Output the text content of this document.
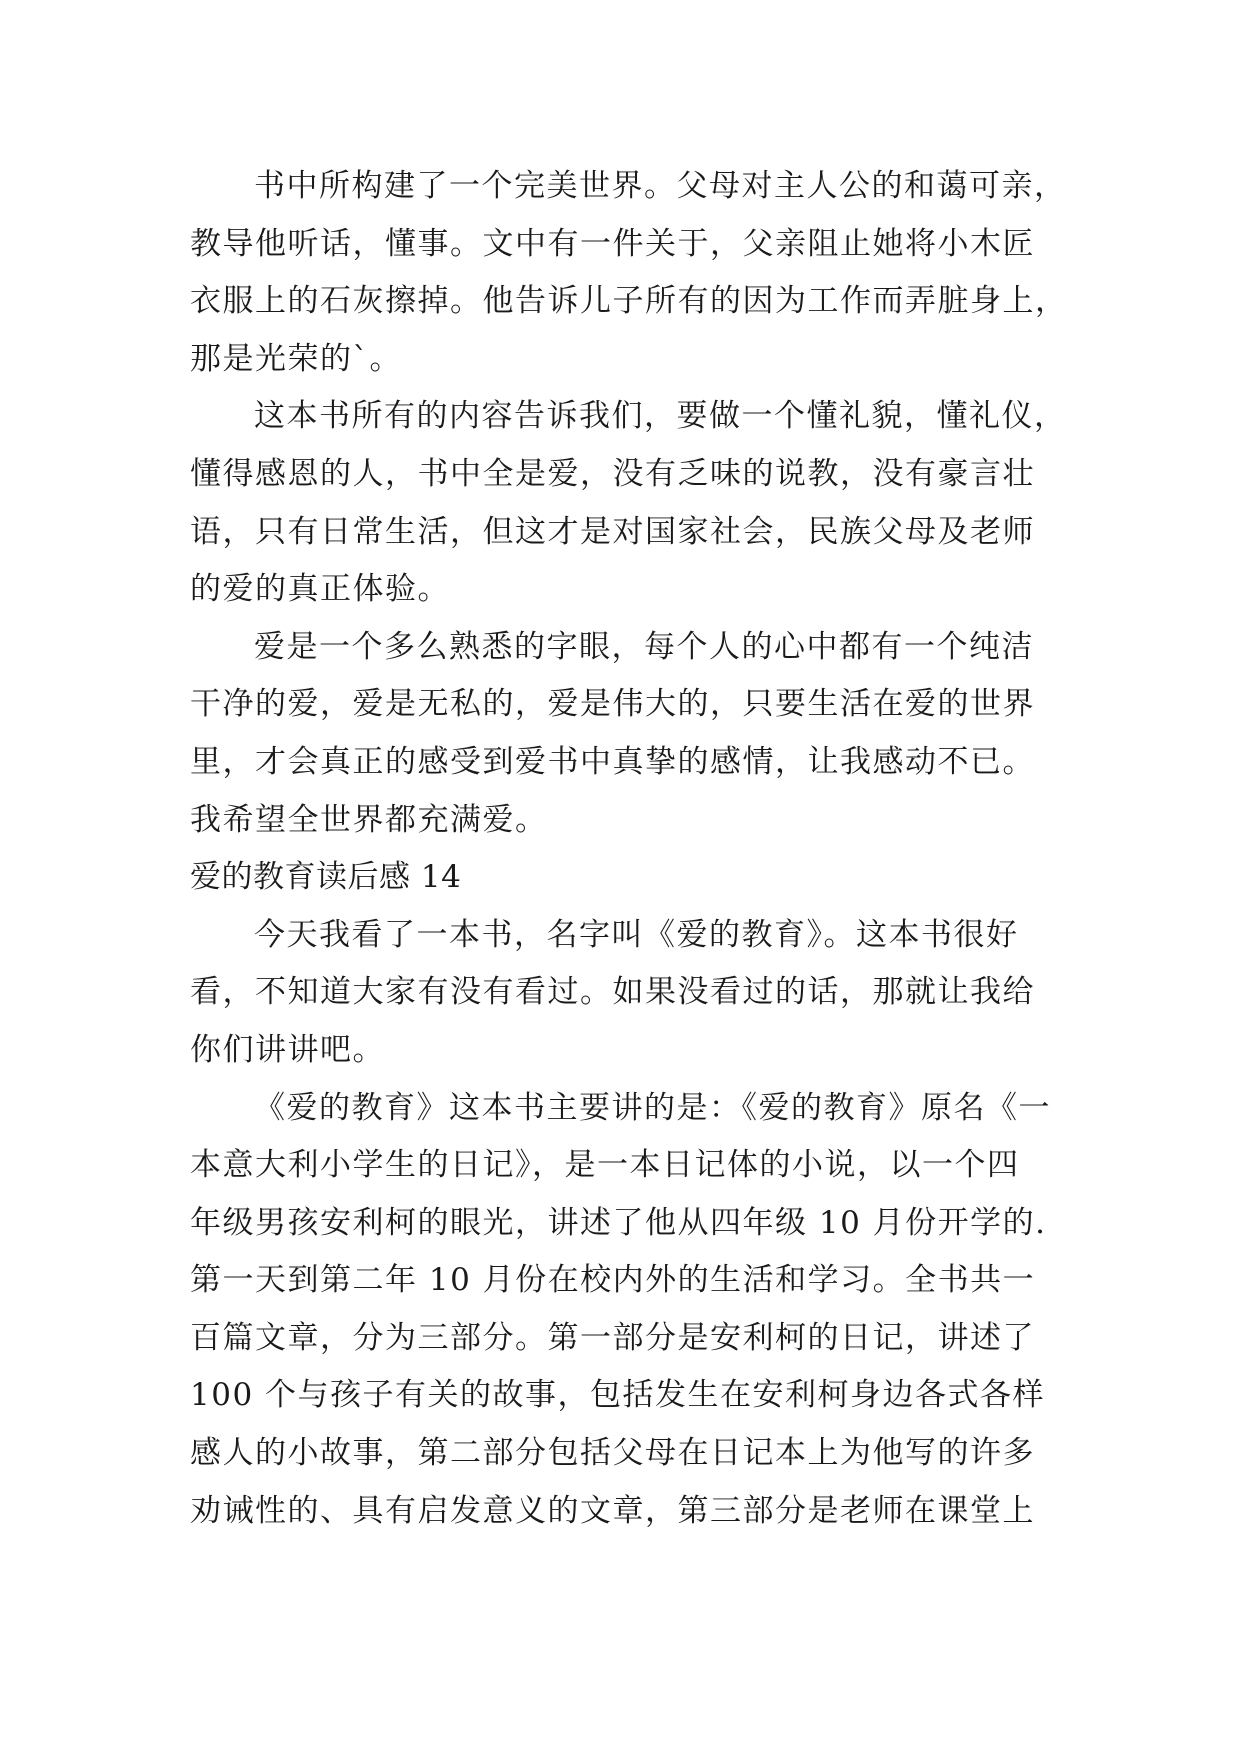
书中所构建了一个完美世界。父母对主人公的和蔼可亲，
教导他听话，懂事。文中有一件关于，父亲阻止她将小木匠
衣服上的石灰擦掉。他告诉儿子所有的因为工作而弄脏身上，
那是光荣的`。
这本书所有的内容告诉我们，要做一个懂礼貌，懂礼仪，
懂得感恩的人，书中全是爱，没有乏味的说教，没有豪言壮
语，只有日常生活，但这才是对国家社会，民族父母及老师
的爱的真正体验。
爱是一个多么熟悉的字眼，每个人的心中都有一个纯洁
干净的爱，爱是无私的，爱是伟大的，只要生活在爱的世界
里，才会真正的感受到爱书中真挚的感情，让我感动不已。
我希望全世界都充满爱。
爱的教育读后感 14
今天我看了一本书，名字叫《爱的教育》。这本书很好
看，不知道大家有没有看过。如果没看过的话，那就让我给
你们讲讲吧。
《爱的教育》这本书主要讲的是：《爱的教育》原名《一
本意大利小学生的日记》，是一本日记体的小说，以一个四
年级男孩安利柯的眼光，讲述了他从四年级 10 月份开学的.
第一天到第二年 10 月份在校内外的生活和学习。全书共一
百篇文章，分为三部分。第一部分是安利柯的日记，讲述了
100 个与孩子有关的故事，包括发生在安利柯身边各式各样
感人的小故事，第二部分包括父母在日记本上为他写的许多
劝诫性的、具有启发意义的文章，第三部分是老师在课堂上
